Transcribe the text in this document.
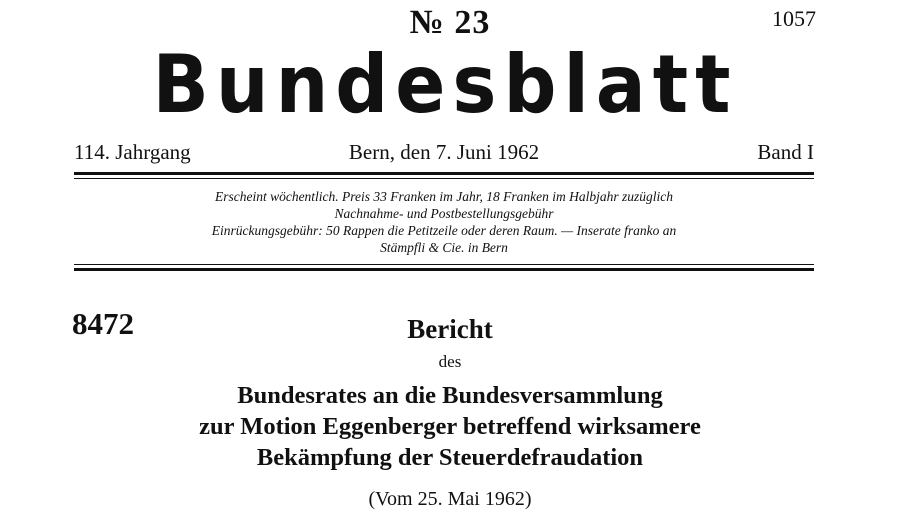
№ 23	1057
Bundesblatt
114. Jahrgang	Bern, den 7. Juni 1962	Band I
Erscheint wöchentlich. Preis 33 Franken im Jahr, 18 Franken im Halbjahr zuzüglich
Nachnahme- und Postbestellungsgebühr
Einrückungsgebühr: 50 Rappen die Petitzeile oder deren Raum. — Inserate franko an
Stämpfli & Cie. in Bern
8472	Bericht
des
Bundesrates an die Bundesversammlung
zur Motion Eggenberger betreffend wirksamere
Bekämpfung der Steuerdefraudation
(Vom 25. Mai 1962)
